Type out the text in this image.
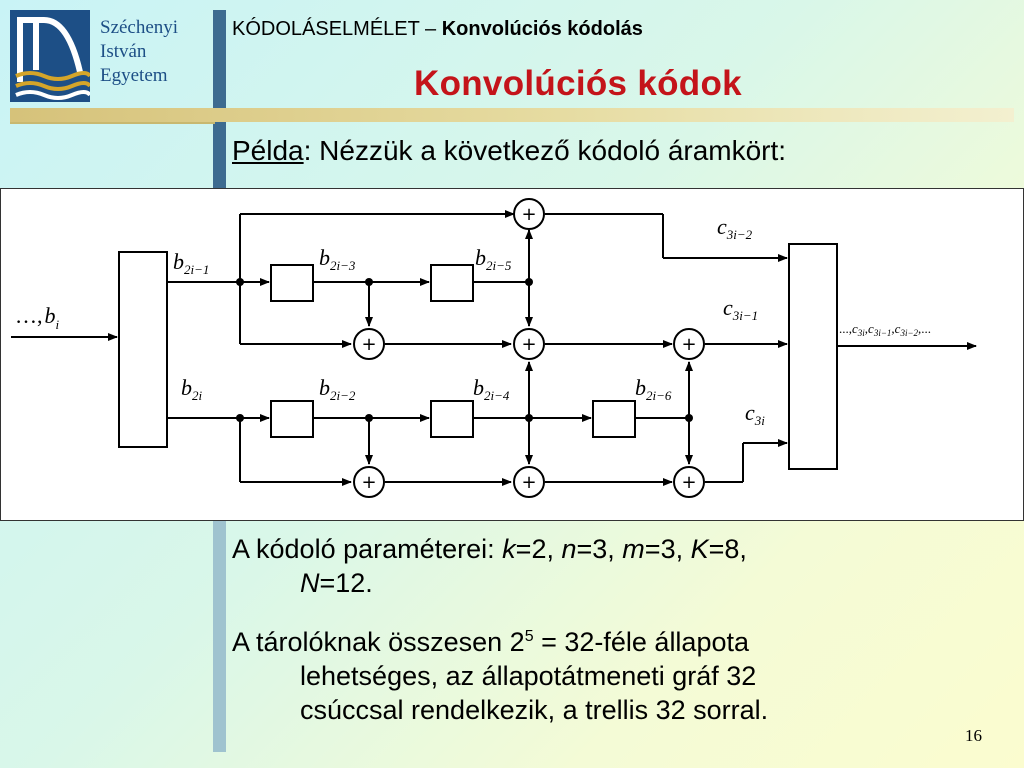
Széchenyi
István
Egyetem
KÓDOLÁSELMÉLET – Konvolúciós kódolás
Konvolúciós kódok
Példa: Nézzük a következő kódoló áramkört:
+
+	+	+
+	+	+
$\dots,b_i$
$b_{2i-1}$	$b_{2i-3}$	$b_{2i-5}$
$b_{2i}$	$b_{2i-2}$	$b_{2i-4}$	$b_{2i-6}$
$c_{3i-2}$
$c_{3i-1}$
$c_{3i}$
...,c3i,c3i−1,c3i−2,...
A kódoló paraméterei: k=2, n=3, m=3, K=8,
N=12.
A tárolóknak összesen $2^5$ = 32-féle állapota
lehetséges, az állapotátmeneti gráf 32
csúccsal rendelkezik, a trellis 32 sorral.
16
